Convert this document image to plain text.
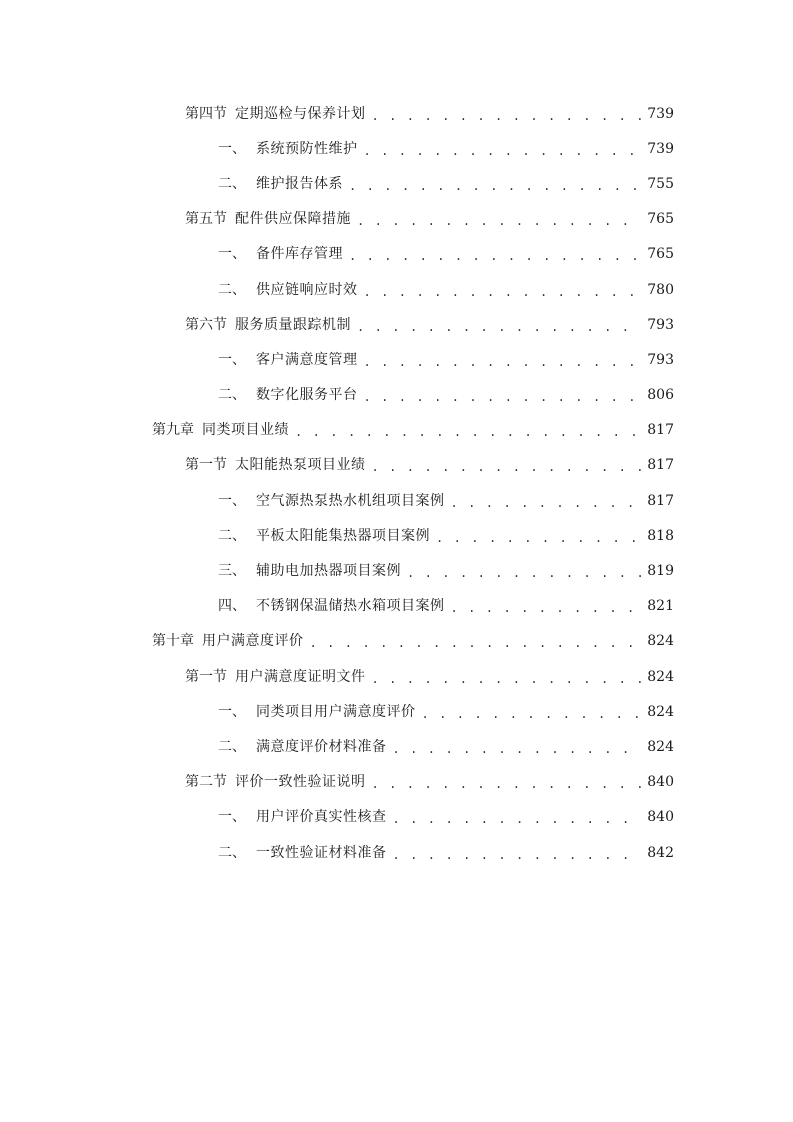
第四节 定期巡检与保养计划 . . .	739
一、 系统预防性维护 . . .	739
二、 维护报告体系 . . .	755
第五节 配件供应保障措施 . . .	765
一、 备件库存管理 . . .	765
二、 供应链响应时效 . . .	780
第六节 服务质量跟踪机制 . . .	793
一、 客户满意度管理 . . .	793
二、 数字化服务平台 . . .	806
第九章 同类项目业绩 . . .	817
第一节 太阳能热泵项目业绩 . . .	817
一、 空气源热泵热水机组项目案例 . . .	817
二、 平板太阳能集热器项目案例 . . .	818
三、 辅助电加热器项目案例 . . .	819
四、 不锈钢保温储热水箱项目案例 . . .	821
第十章 用户满意度评价 . . .	824
第一节 用户满意度证明文件 . . .	824
一、 同类项目用户满意度评价 . . .	824
二、 满意度评价材料准备 . . .	824
第二节 评价一致性验证说明 . . .	840
一、 用户评价真实性核查 . . .	840
二、 一致性验证材料准备 . . .	842
